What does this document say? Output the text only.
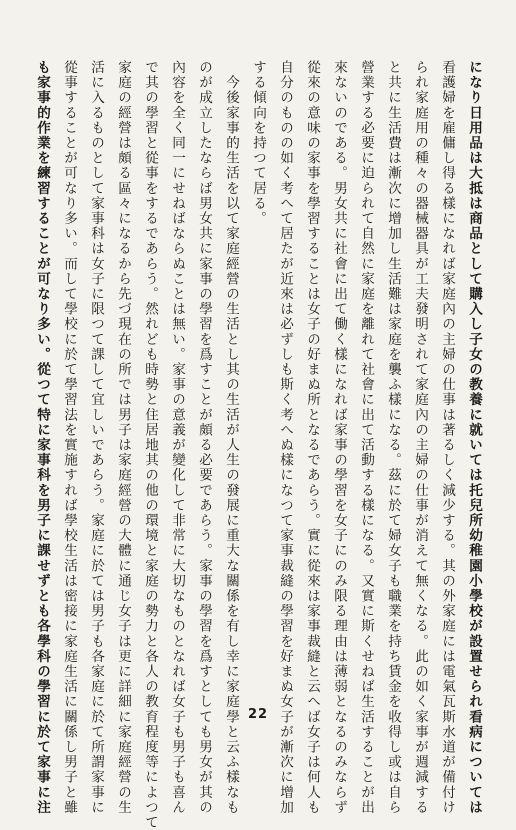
になり日用品は大抵は商品として購入し子女の教養に就いては托兒所幼稚園小學校が設置せられ看病については
看護婦を雇傭し得る樣になれば家庭內の主婦の仕事は著るしく減少する。其の外家庭には電氣瓦斯水道が備付け
られ家庭用の種々の器械器具が工夫發明されて家庭內の主婦の仕事が消えて無くなる。此の如く家事が週減する
と共に生活費は漸次に增加し生活難は家庭を襲ふ樣になる。茲に於て婦女子も職業を持ち賃金を收得し或は自ら
營業する必要に迫られて自然に家庭を離れて社會に出て活動する樣になる。又實に斯くせねば生活することが出
來ないのである。男女共に社會に出て働く樣になれば家事の學習を女子にのみ限る理由は薄弱となるのみならず
從來の意味の家事を學習することは女子の好まぬ所となるであらう。實に從來は家事裁縫と云へば女子は何人も
自分のものの如く考へて居たが近來は必ずしも斯く考へぬ樣になつて家事裁縫の學習を好まぬ女子が漸次に增加
する傾向を持つて居る。
　今後家事的生活を以て家庭經營の生活とし其の生活が人生の發展に重大な關係を有し幸に家庭學と云ふ樣なも
のが成立したならば男女共に家事の學習を爲すことが頗る必要であらう。家事の學習を爲すとしても男女が其の
內容を全く同一にせねばならぬことは無い。家事の意義が變化して非常に大切なものとなれば女子も男子も喜ん
で其の學習と從事をするであらう。然れども時勢と住居地其の他の環境と家庭の勢力と各人の教育程度等によつて
家庭の經營は頗る區々になるから先づ現在の所では男子は家庭經營の大體に通じ女子は更に詳細に家庭經營の生
活に入るものとして家事科は女子に限つて課して宜しいであらう。家庭に於ては男子も各家庭に於て所謂家事に
從事することが可なり多い。而して學校に於て學習法を實施すれば學校生活は密接に家庭生活に關係し男子と雖
も家事的作業を練習することが可なり多い。從つて特に家事科を男子に課せずとも各學科の學習に於て家事に注	22
